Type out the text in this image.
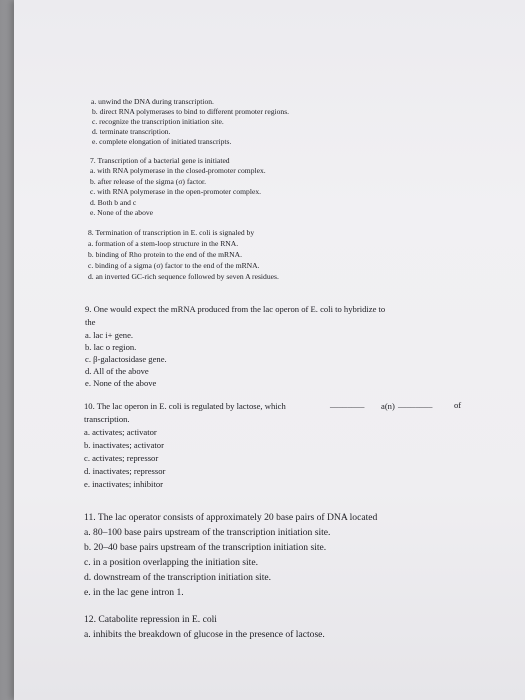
a. unwind the DNA during transcription.
b. direct RNA polymerases to bind to different promoter regions.
c. recognize the transcription initiation site.
d. terminate transcription.
e. complete elongation of initiated transcripts.
7. Transcription of a bacterial gene is initiated
a. with RNA polymerase in the closed-promoter complex.
b. after release of the sigma (σ) factor.
c. with RNA polymerase in the open-promoter complex.
d. Both b and c
e. None of the above
8. Termination of transcription in E. coli is signaled by
a. formation of a stem-loop structure in the RNA.
b. binding of Rho protein to the end of the mRNA.
c. binding of a sigma (σ) factor to the end of the mRNA.
d. an inverted GC-rich sequence followed by seven A residues.
9. One would expect the mRNA produced from the lac operon of E. coli to hybridize to
the
a. lac i+ gene.
b. lac o region.
c. β-galactosidase gene.
d. All of the above
e. None of the above
10. The lac operon in E. coli is regulated by lactose, which	________ a(n) ________	of
transcription.
a. activates; activator
b. inactivates; activator
c. activates; repressor
d. inactivates; repressor
e. inactivates; inhibitor
11. The lac operator consists of approximately 20 base pairs of DNA located
a. 80–100 base pairs upstream of the transcription initiation site.
b. 20–40 base pairs upstream of the transcription initiation site.
c. in a position overlapping the initiation site.
d. downstream of the transcription initiation site.
e. in the lac gene intron 1.
12. Catabolite repression in E. coli
a. inhibits the breakdown of glucose in the presence of lactose.
